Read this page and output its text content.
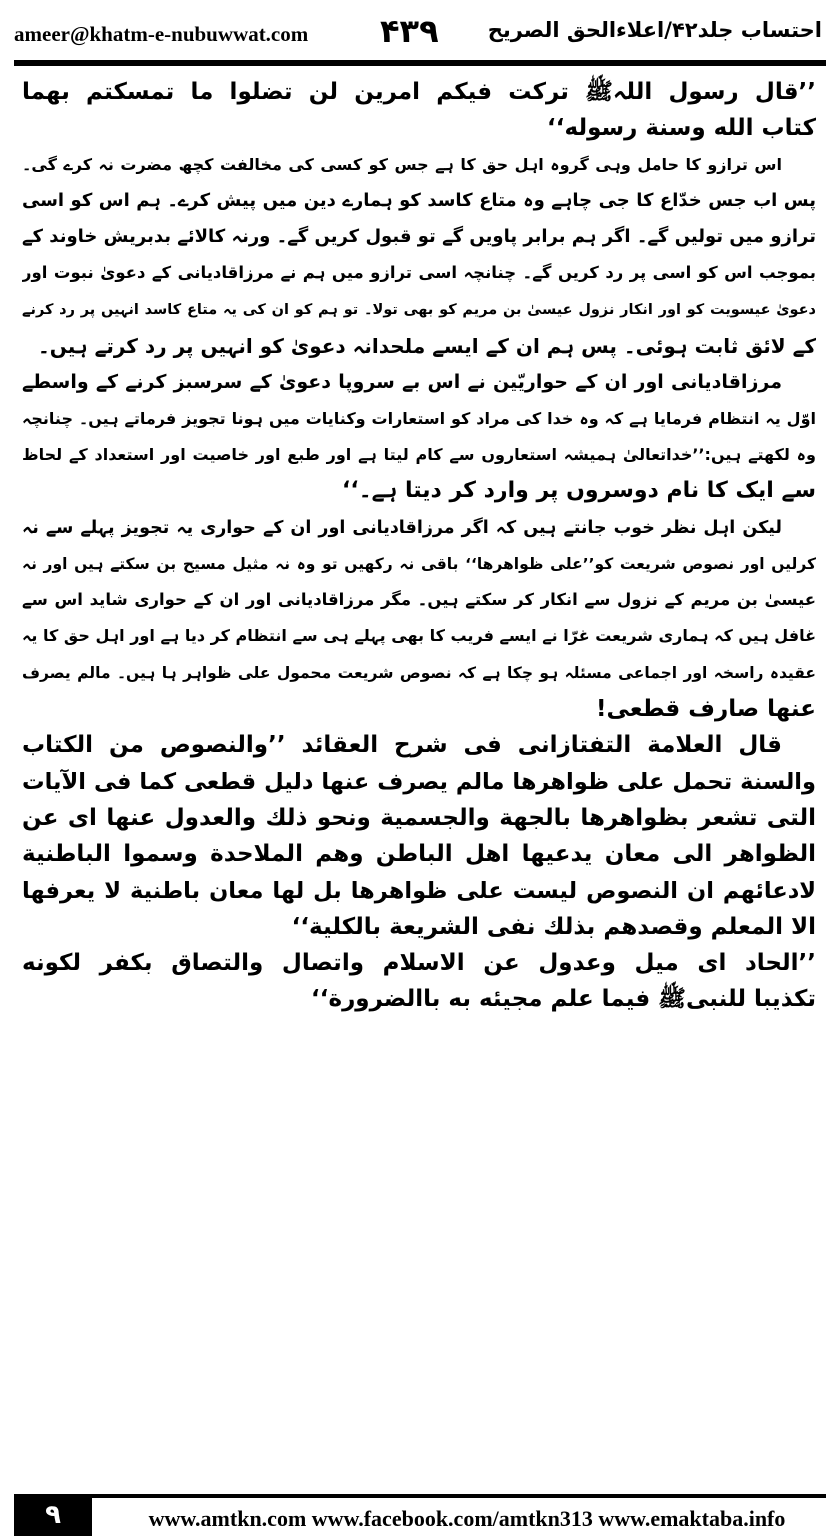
ameer@khatm-e-nubuwwat.com ۴۳۹ احتساب جلد۴۲/اعلاءالحق الصریح
’’قال رسول اللہﷺ ترکت فیکم امرین لن تضلوا ما تمسکتم بھما
کتاب الله وسنة رسوله‘‘
اس ترازو کا حامل وہی گروہ اہل حق کا ہے جس کو کسی کی مخالفت کچھ مضرت نہ کرے گی۔
پس اب جس خدّاع کا جی چاہے وہ متاع کاسد کو ہمارے دین میں پیش کرے۔ ہم اس کو اسی
ترازو میں تولیں گے۔ اگر ہم برابر پاویں گے تو قبول کریں گے۔ ورنہ کالائے بدبریش خاوند کے
بموجب اس کو اسی پر رد کریں گے۔ چنانچہ اسی ترازو میں ہم نے مرزاقادیانی کے دعویٰ نبوت اور
دعویٰ عیسویت کو اور انکار نزول عیسیٰ بن مریم کو بھی تولا۔ تو ہم کو ان کی یہ متاع کاسد انہیں پر رد کرنے
کے لائق ثابت ہوئی۔ پس ہم ان کے ایسے ملحدانہ دعویٰ کو انہیں پر رد کرتے ہیں۔
مرزاقادیانی اور ان کے حواریّین نے اس بے سروپا دعویٰ کے سرسبز کرنے کے واسطے
اوّل یہ انتظام فرمایا ہے کہ وہ خدا کی مراد کو استعارات وکنایات میں ہونا تجویز فرماتے ہیں۔ چنانچہ
وہ لکھتے ہیں:’’خداتعالیٰ ہمیشہ استعاروں سے کام لیتا ہے اور طبع اور خاصیت اور استعداد کے لحاظ
سے ایک کا نام دوسروں پر وارد کر دیتا ہے۔‘‘
لیکن اہل نظر خوب جانتے ہیں کہ اگر مرزاقادیانی اور ان کے حواری یہ تجویز پہلے سے نہ
کرلیں اور نصوص شریعت کو’’علی ظواھرھا‘‘ باقی نہ رکھیں تو وہ نہ مثیل مسیح بن سکتے ہیں اور نہ
عیسیٰ بن مریم کے نزول سے انکار کر سکتے ہیں۔ مگر مرزاقادیانی اور ان کے حواری شاید اس سے
غافل ہیں کہ ہماری شریعت غرّا نے ایسے فریب کا بھی پہلے ہی سے انتظام کر دیا ہے اور اہل حق کا یہ
عقیدہ راسخہ اور اجماعی مسئلہ ہو چکا ہے کہ نصوص شریعت محمول علی ظواہر ہا ہیں۔ مالم یصرف
عنھا صارف قطعی!
قال العلامة التفتازانی فی شرح العقائد ’’والنصوص من الکتاب
والسنة تحمل علی ظواهرها مالم یصرف عنها دلیل قطعی کما فی الآیات
التی تشعر بظواهرها بالجهة والجسمیة ونحو ذلك والعدول عنها ای عن
الظواهر الی معان یدعیها اهل الباطن وهم الملاحدة وسموا الباطنیة
لادعائهم ان النصوص لیست علی ظواهرها بل لها معان باطنیة لا یعرفها
الا المعلم وقصدهم بذلك نفی الشریعة بالکلیة‘‘
’’الحاد ای میل وعدول عن الاسلام واتصال والتصاق بکفر لکونه
تکذیبا للنبیﷺ فیما علم مجیئه به باالضرورة‘‘
۹	www.amtkn.com www.facebook.com/amtkn313 www.emaktaba.info
